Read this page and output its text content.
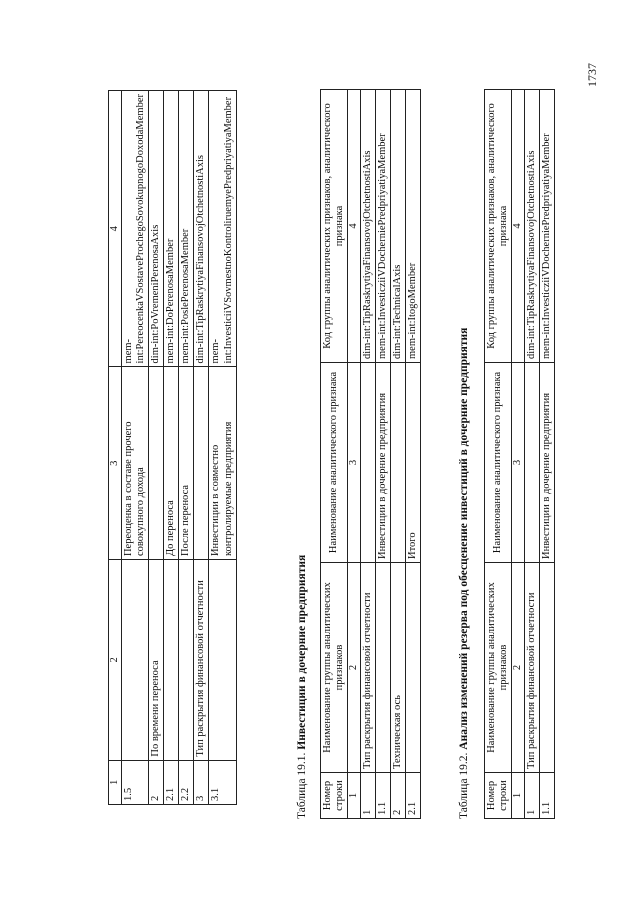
1737
1	2	3	4
1.5		Переоценка в составе прочего совокупного дохода	mem-int:PereocenkaVSostaveProchegoSovokupnogoDoxodaMember
2	По времени переноса		dim-int:PoVremeniPerenosaAxis
2.1		До переноса	mem-int:DoPerenosaMember
2.2		После переноса	mem-int:PoslePerenosaMember
3	Тип раскрытия финансовой отчетности		dim-int:TipRaskrytiyaFinansovojOtchetnostiAxis
3.1		Инвестиции в совместно контролируемые предприятия	mem-int:InvesticiiVSovmestnoKontroliruemyePredpriyatiyaMember
Таблица 19.1. Инвестиции в дочерние предприятия
Номер строки	Наименование группы аналитических признаков	Наименование аналитического признака	Код группы аналитических признаков, аналитического признака
1	2	3	4
1	Тип раскрытия финансовой отчетности		dim-int:TipRaskrytiyaFinansovojOtchetnostiAxis
1.1		Инвестиции в дочерние предприятия	mem-int:InvesticziiVDocherniePredpriyatiyaMember
2	Техническая ось		dim-int:TechnicalAxis
2.1		Итого	mem-int:ItogoMember
Таблица 19.2. Анализ изменений резерва под обесценение инвестиций в дочерние предприятия
Номер строки	Наименование группы аналитических признаков	Наименование аналитического признака	Код группы аналитических признаков, аналитического признака
1	2	3	4
1	Тип раскрытия финансовой отчетности		dim-int:TipRaskrytiyaFinansovojOtchetnostiAxis
1.1		Инвестиции в дочерние предприятия	mem-int:InvesticziiVDocherniePredpriyatiyaMember
